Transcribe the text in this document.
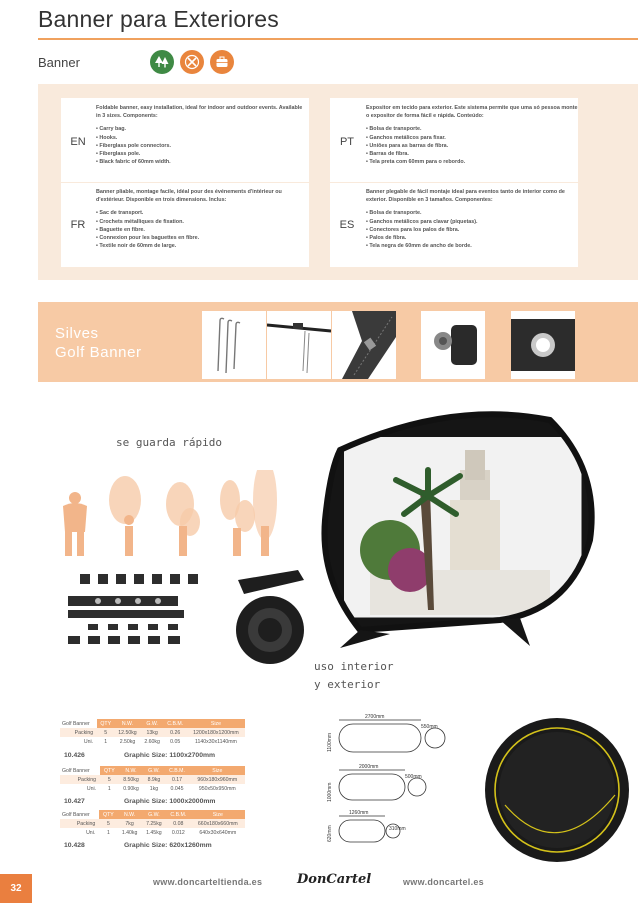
Banner para Exteriores
Banner
EN
Foldable banner, easy installation, ideal for indoor and outdoor events. Available in 3 sizes. Components:
• Carry bag.
• Hooks.
• Fiberglass pole connectors.
• Fiberglass pole.
• Black fabric of 60mm width.
PT
Expositor em tecido para exterior. Este sistema permite que uma só pessoa monte o expositor de forma fácil e rápida. Conteúdo:
• Bolsa de transporte.
• Ganchos metálicos para fixar.
• Uniões para as barras de fibra.
• Barras de fibra.
• Tela preta com 60mm para o rebordo.
FR
Banner pliable, montage facile, idéal pour des événements d'intérieur ou d'extérieur. Disponible en trois dimensions. Inclus:
• Sac de transport.
• Crochets métalliques de fixation.
• Baguette en fibre.
• Connexion pour les baguettes en fibre.
• Textile noir de 60mm de large.
ES
Banner plegable de fácil montaje ideal para eventos tanto de interior como de exterior. Disponible en 3 tamaños. Componentes:
• Bolsa de transporte.
• Ganchos metálicos para clavar (piquetas).
• Conectores para los palos de fibra.
• Palos de fibra.
• Tela negra de 60mm de ancho de borde.
Silves
Golf Banner
se guarda rápido
uso interior
y exterior
Golf Banner	QTY	N.W.	G.W.	C.B.M.	Size
Packing	5	12.50kg	13kg	0.26	1200x180x1200mm
Uni.	1	2.50kg	2.60kg	0.05	1140x30x1140mm
10.426	Graphic Size: 1100x2700mm
Golf Banner	QTY	N.W.	G.W.	C.B.M.	Size
Packing	5	8.50kg	8.9kg	0.17	960x180x960mm
Uni.	1	0.90kg	1kg	0.045	950x50x950mm
10.427	Graphic Size: 1000x2000mm
Golf Banner	QTY	N.W.	G.W.	C.B.M.	Size
Packing	5	7kg	7.25kg	0.08	660x180x660mm
Uni.	1	1.40kg	1.45kg	0.012	640x30x640mm
10.428	Graphic Size: 620x1260mm
2700mm
550mm
1100mm
2000mm
500mm
1000mm
1260mm
310mm
620mm
32
www.doncarteltienda.es	DonCartel	www.doncartel.es
